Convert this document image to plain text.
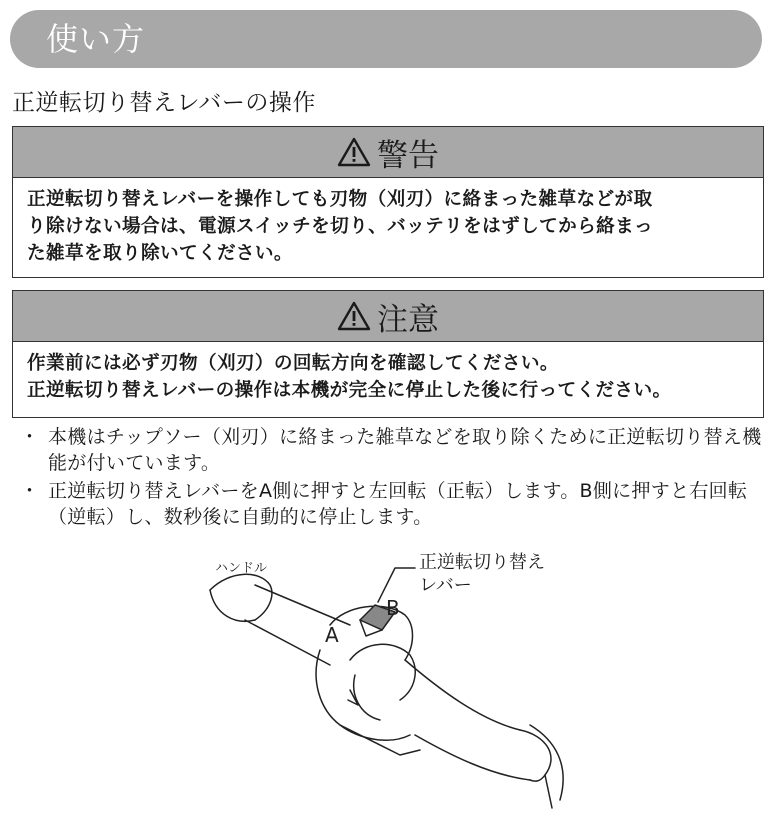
使い方
正逆転切り替えレバーの操作
警告

正逆転切り替えレバーを操作しても刃物（刈刃）に絡まった雑草などが取

り除けない場合は、電源スイッチを切り、バッテリをはずしてから絡まっ

た雑草を取り除いてください。

注意

作業前には必ず刃物（刈刃）の回転方向を確認してください。

正逆転切り替えレバーの操作は本機が完全に停止した後に行ってください。

・ 本機はチップソー（刈刃）に絡まった雑草などを取り除くために正逆転切り替え機能が付いています。
・ 正逆転切り替えレバーをA側に押すと左回転（正転）します。B側に押すと右回転（逆転）し、数秒後に自動的に停止します。
ハンドル
B
A
正逆転切り替え
レバー
